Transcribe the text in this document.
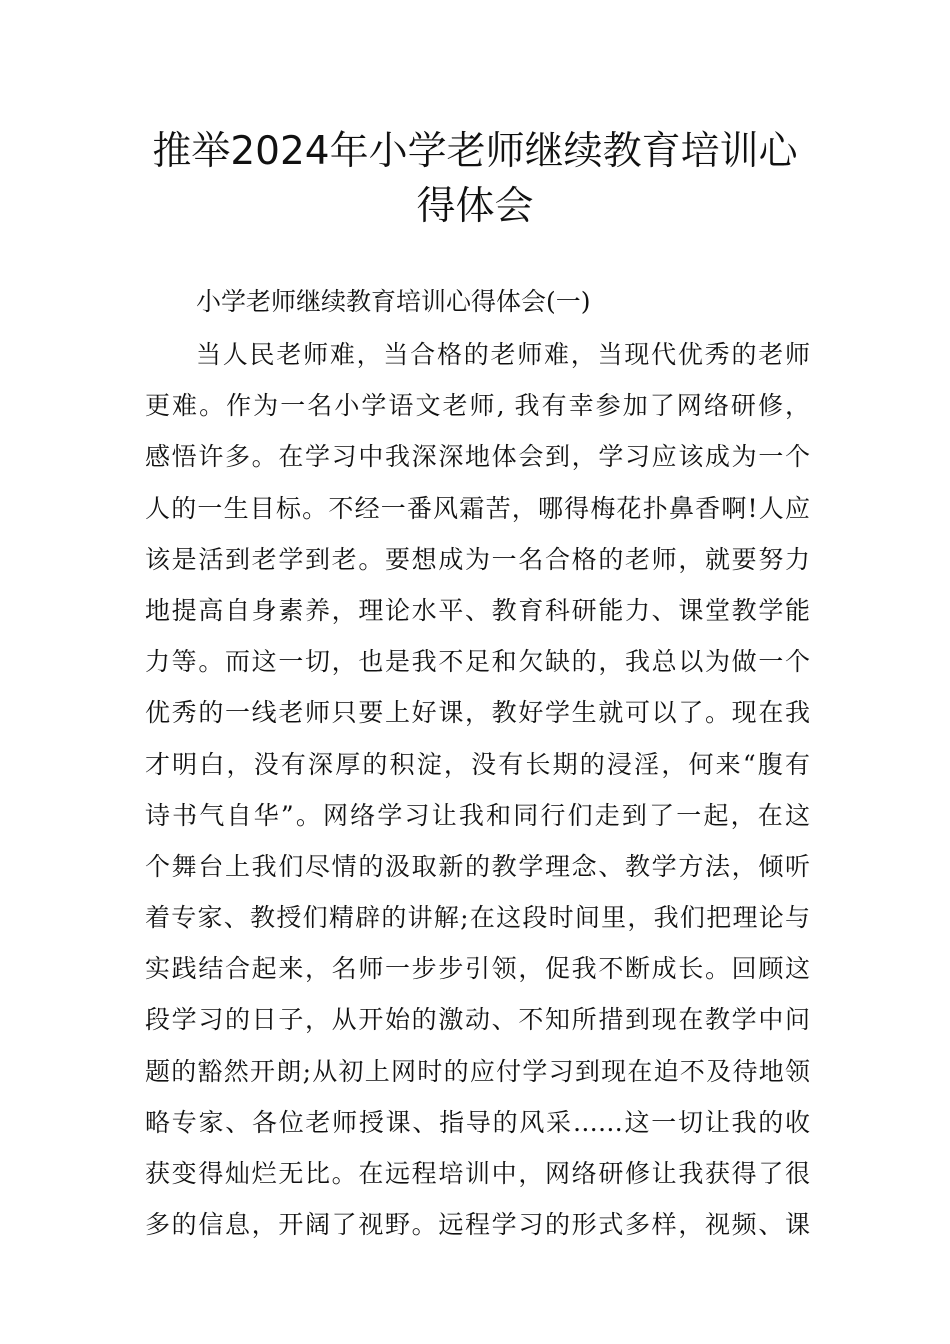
推举2024年小学老师继续教育培训心
得体会

小学老师继续教育培训心得体会(一)

当人民老师难，当合格的老师难，当现代优秀的老师
更难。作为一名小学语文老师, 我有幸参加了网络研修，
感悟许多。在学习中我深深地体会到，学习应该成为一个
人的一生目标。不经一番风霜苦，哪得梅花扑鼻香啊!人应
该是活到老学到老。要想成为一名合格的老师，就要努力
地提高自身素养，理论水平、教育科研能力、课堂教学能
力等。而这一切，也是我不足和欠缺的，我总以为做一个
优秀的一线老师只要上好课，教好学生就可以了。现在我
才明白，没有深厚的积淀，没有长期的浸淫，何来“腹有
诗书气自华”。网络学习让我和同行们走到了一起，在这
个舞台上我们尽情的汲取新的教学理念、教学方法，倾听
着专家、教授们精辟的讲解;在这段时间里，我们把理论与
实践结合起来，名师一步步引领，促我不断成长。回顾这
段学习的日子，从开始的激动、不知所措到现在教学中问
题的豁然开朗;从初上网时的应付学习到现在迫不及待地领
略专家、各位老师授课、指导的风采……这一切让我的收
获变得灿烂无比。在远程培训中，网络研修让我获得了很
多的信息，开阔了视野。远程学习的形式多样，视频、课
